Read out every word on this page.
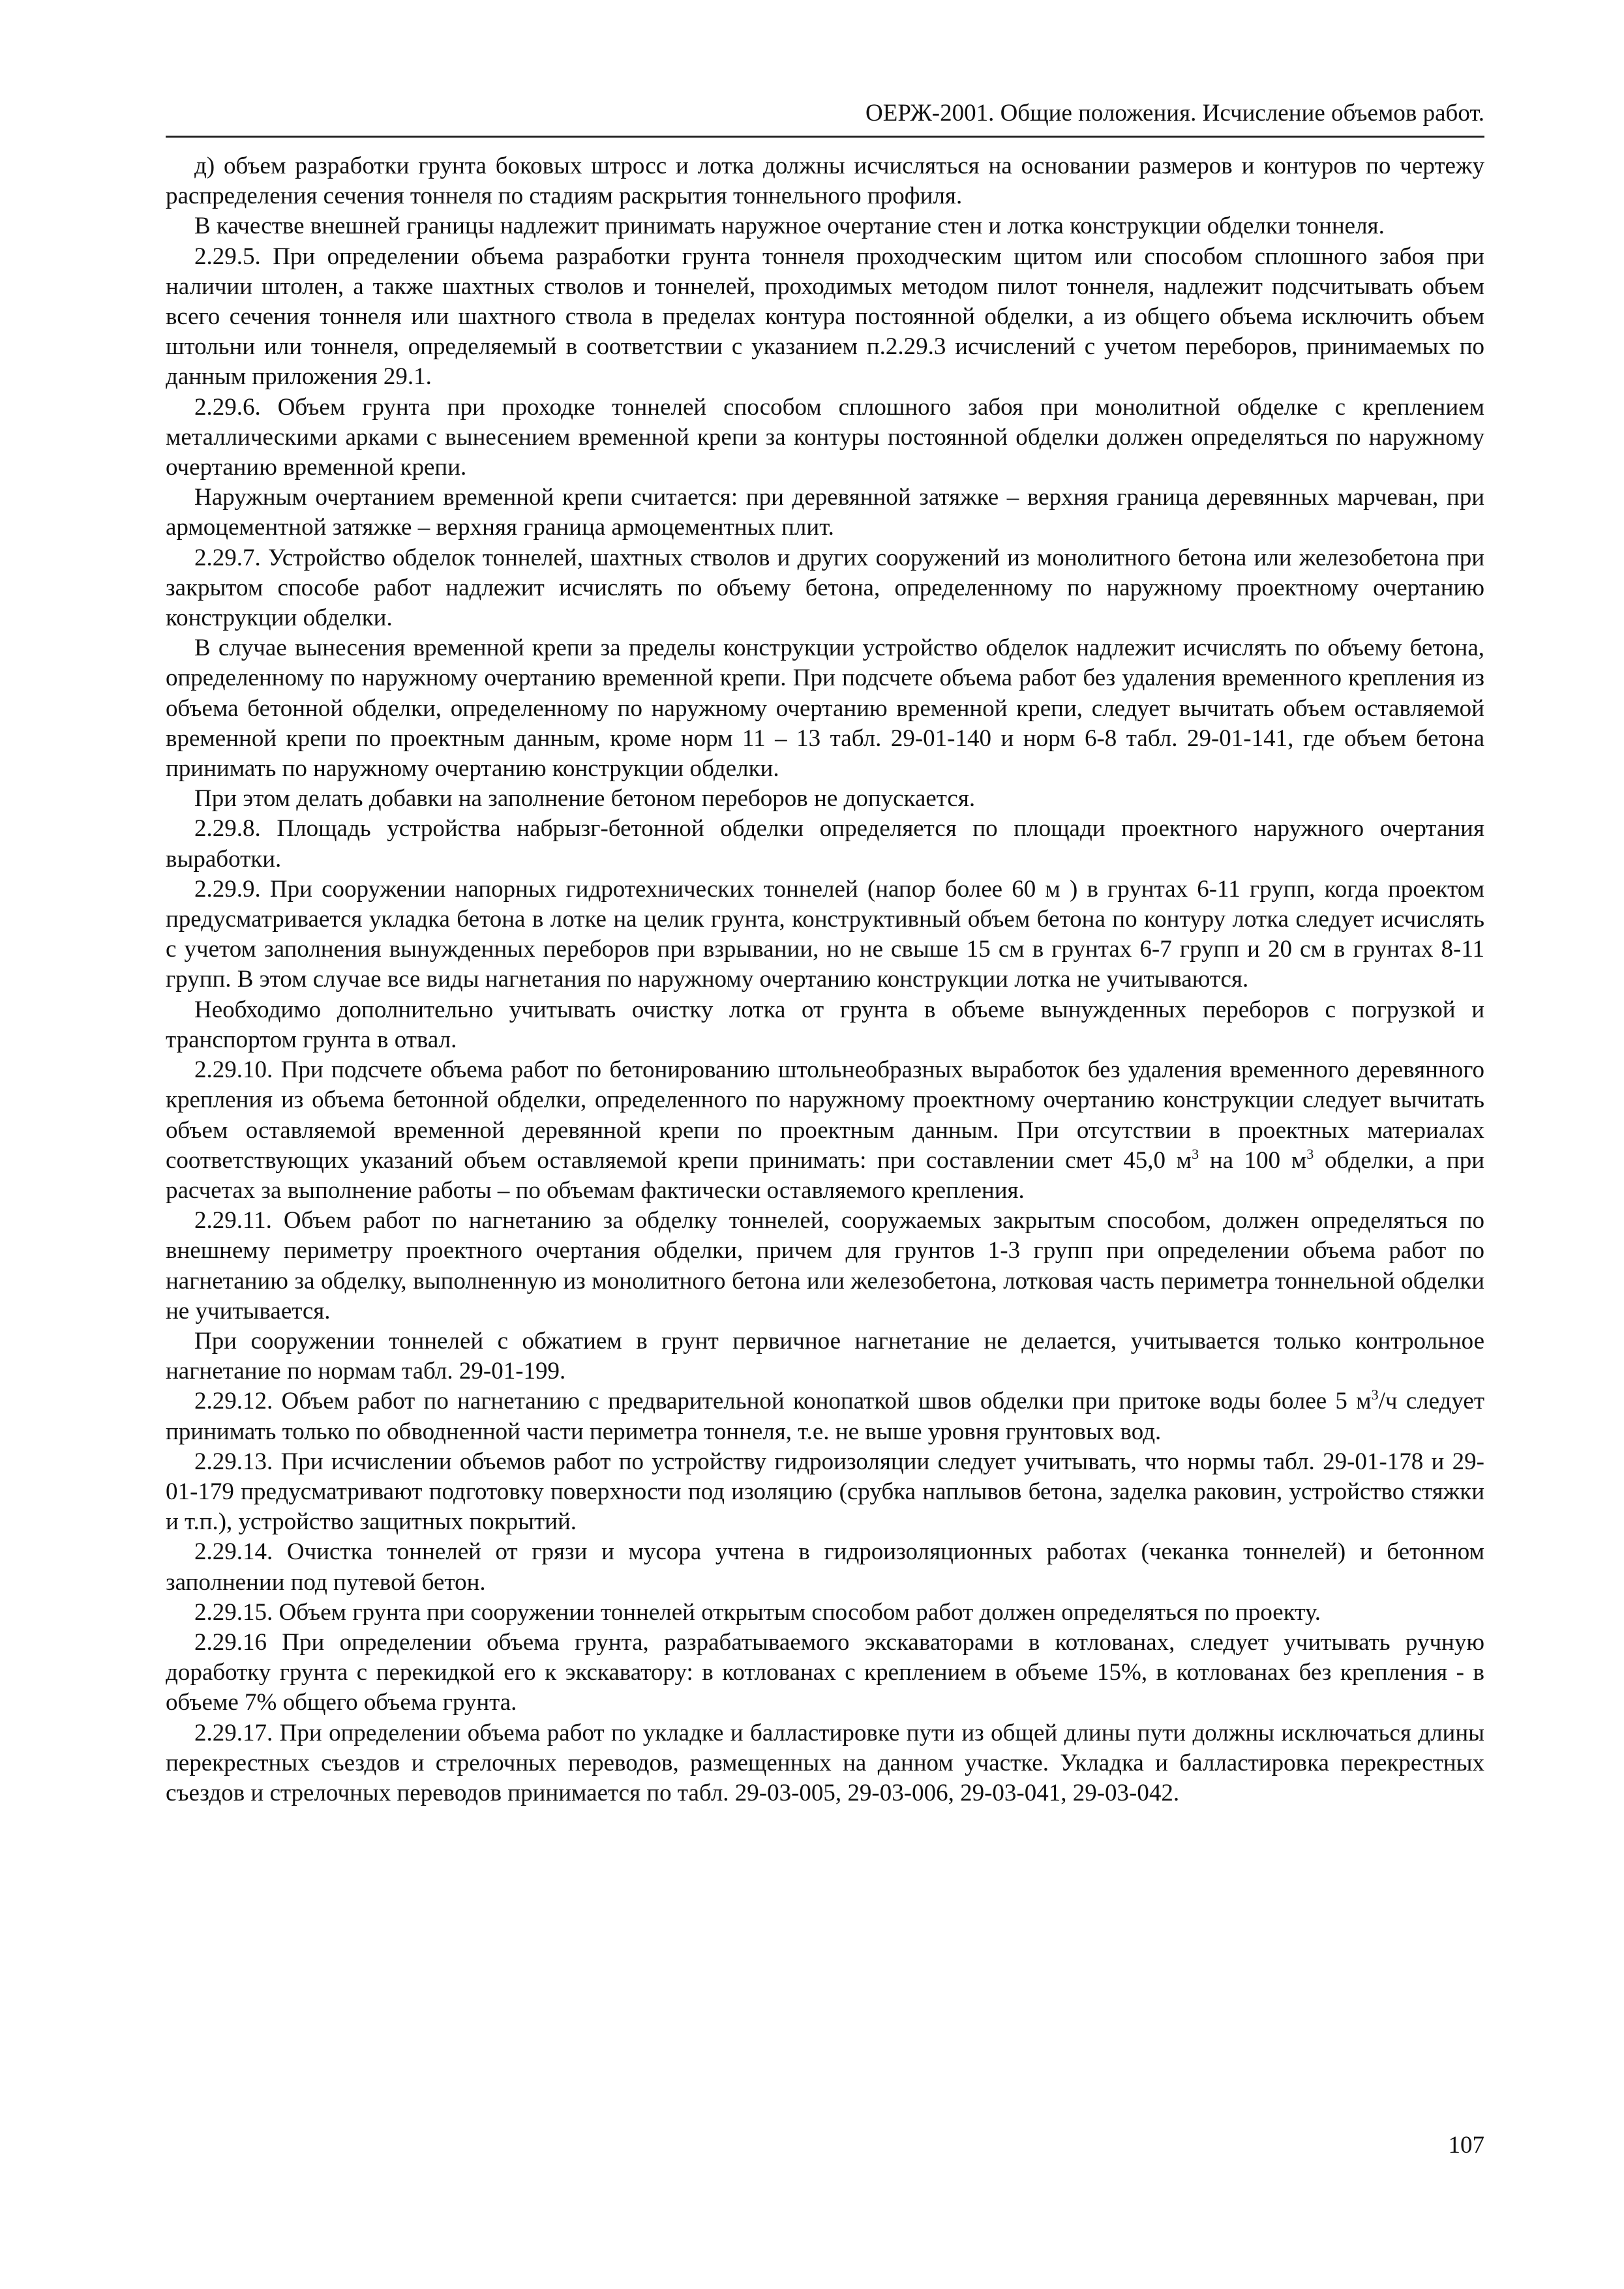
ОЕРЖ-2001. Общие положения. Исчисление объемов работ.

д) объем разработки грунта боковых штросс и лотка должны исчисляться на основании размеров и контуров по чертежу распределения сечения тоннеля по стадиям раскрытия тоннельного профиля.

В качестве внешней границы надлежит принимать наружное очертание стен и лотка конструкции обделки тоннеля.

2.29.5. При определении объема разработки грунта тоннеля проходческим щитом или способом сплошного забоя при наличии штолен, а также шахтных стволов и тоннелей, проходимых методом пилот тоннеля, надлежит подсчитывать объем всего сечения тоннеля или шахтного ствола в пределах контура постоянной обделки, а из общего объема исключить объем штольни или тоннеля, определяемый в соответствии с указанием п.2.29.3 исчислений с учетом переборов, принимаемых по данным приложения 29.1.

2.29.6. Объем грунта при проходке тоннелей способом сплошного забоя при монолитной обделке с креплением металлическими арками с вынесением временной крепи за контуры постоянной обделки должен определяться по наружному очертанию временной крепи.

Наружным очертанием временной крепи считается: при деревянной затяжке – верхняя граница деревянных марчеван, при армоцементной затяжке – верхняя граница армоцементных плит.

2.29.7. Устройство обделок тоннелей, шахтных стволов и других сооружений из монолитного бетона или железобетона при закрытом способе работ надлежит исчислять по объему бетона, определенному по наружному проектному очертанию конструкции обделки.

В случае вынесения временной крепи за пределы конструкции устройство обделок надлежит исчислять по объему бетона, определенному по наружному очертанию временной крепи. При подсчете объема работ без удаления временного крепления из объема бетонной обделки, определенному по наружному очертанию временной крепи, следует вычитать объем оставляемой временной крепи по проектным данным, кроме норм 11 – 13 табл. 29-01-140 и норм 6-8 табл. 29-01-141, где объем бетона принимать по наружному очертанию конструкции обделки.

При этом делать добавки на заполнение бетоном переборов не допускается.

2.29.8. Площадь устройства набрызг-бетонной обделки определяется по площади проектного наружного очертания выработки.

2.29.9. При сооружении напорных гидротехнических тоннелей (напор более 60 м ) в грунтах 6-11 групп, когда проектом предусматривается укладка бетона в лотке на целик грунта, конструктивный объем бетона по контуру лотка следует исчислять с учетом заполнения вынужденных переборов при взрывании, но не свыше 15 см в грунтах 6-7 групп и 20 см в грунтах 8-11 групп. В этом случае все виды нагнетания по наружному очертанию конструкции лотка не учитываются.

Необходимо дополнительно учитывать очистку лотка от грунта в объеме вынужденных переборов с погрузкой и транспортом грунта в отвал.

2.29.10. При подсчете объема работ по бетонированию штольнеобразных выработок без удаления временного деревянного крепления из объема бетонной обделки, определенного по наружному проектному очертанию конструкции следует вычитать объем оставляемой временной деревянной крепи по проектным данным. При отсутствии в проектных материалах соответствующих указаний объем оставляемой крепи принимать: при составлении смет 45,0 $м^3$ на 100 $м^3$ обделки, а при расчетах за выполнение работы – по объемам фактически оставляемого крепления.

2.29.11. Объем работ по нагнетанию за обделку тоннелей, сооружаемых закрытым способом, должен определяться по внешнему периметру проектного очертания обделки, причем для грунтов 1-3 групп при определении объема работ по нагнетанию за обделку, выполненную из монолитного бетона или железобетона, лотковая часть периметра тоннельной обделки не учитывается.

При сооружении тоннелей с обжатием в грунт первичное нагнетание не делается, учитывается только контрольное нагнетание по нормам табл. 29-01-199.

2.29.12. Объем работ по нагнетанию с предварительной конопаткой швов обделки при притоке воды более 5 $м^3/ч$ следует принимать только по обводненной части периметра тоннеля, т.е. не выше уровня грунтовых вод.

2.29.13. При исчислении объемов работ по устройству гидроизоляции следует учитывать, что нормы табл. 29-01-178 и 29-01-179 предусматривают подготовку поверхности под изоляцию (срубка наплывов бетона, заделка раковин, устройство стяжки и т.п.), устройство защитных покрытий.

2.29.14. Очистка тоннелей от грязи и мусора учтена в гидроизоляционных работах (чеканка тоннелей) и бетонном заполнении под путевой бетон.

2.29.15. Объем грунта при сооружении тоннелей открытым способом работ должен определяться по проекту.

2.29.16 При определении объема грунта, разрабатываемого экскаваторами в котлованах, следует учитывать ручную доработку грунта с перекидкой его к экскаватору: в котлованах с креплением в объеме 15%, в котлованах без крепления - в объеме 7% общего объема грунта.

2.29.17. При определении объема работ по укладке и балластировке пути из общей длины пути должны исключаться длины перекрестных съездов и стрелочных переводов, размещенных на данном участке. Укладка и балластировка перекрестных съездов и стрелочных переводов принимается по табл. 29-03-005, 29-03-006, 29-03-041, 29-03-042.

107
